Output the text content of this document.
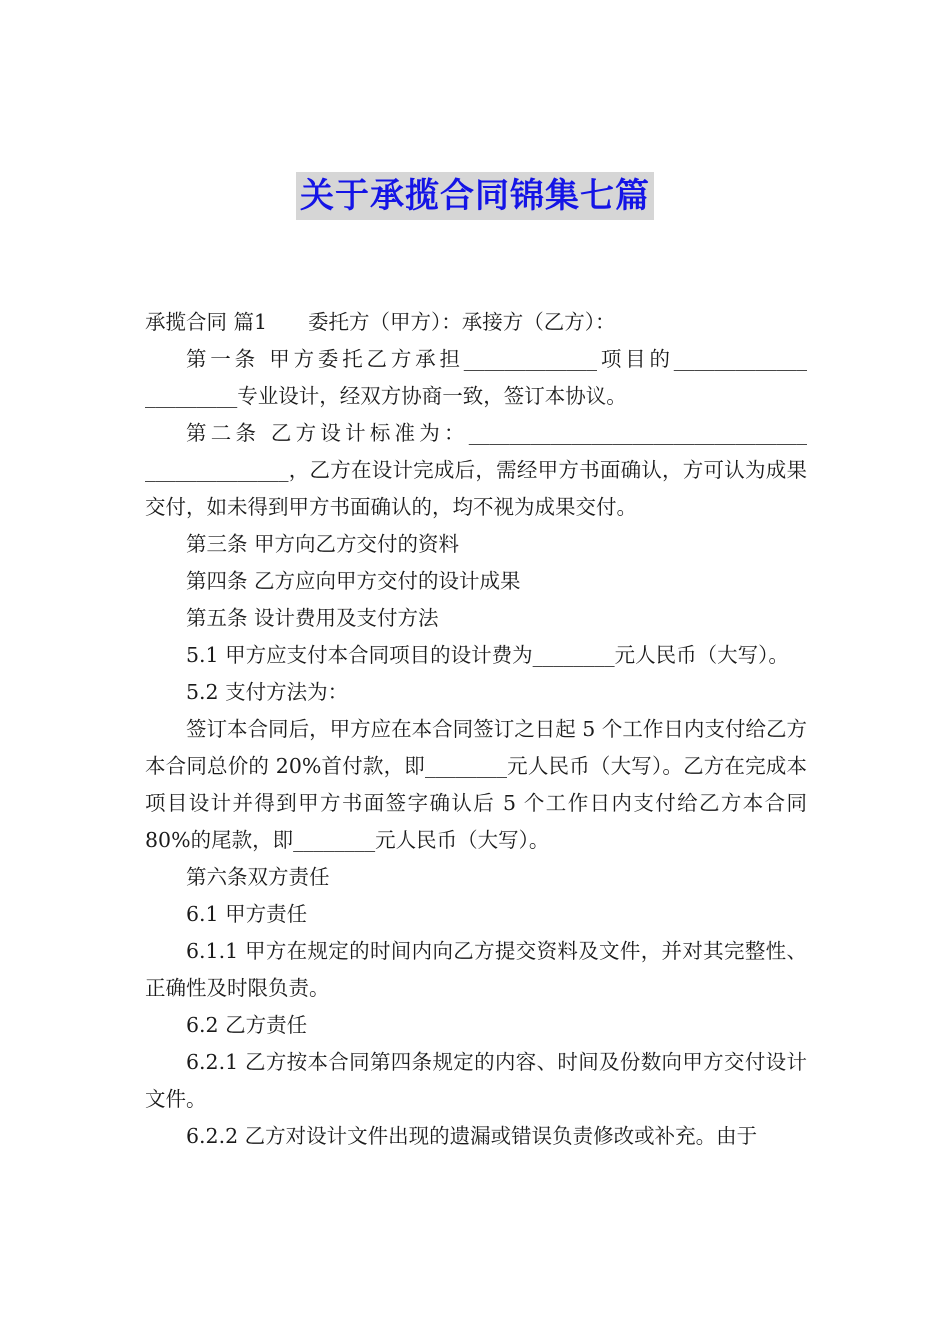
关于承揽合同锦集七篇

承揽合同 篇1　　委托方（甲方）：承接方（乙方）：

第一条 甲方委托乙方承担_____________项目的_____________

_________专业设计，经双方协商一致，签订本协议。

第二条 乙方设计标准为：_________________________________

______________，乙方在设计完成后，需经甲方书面确认，方可认为成果交付，如未得到甲方书面确认的，均不视为成果交付。

第三条 甲方向乙方交付的资料

第四条 乙方应向甲方交付的设计成果

第五条 设计费用及支付方法

5.1 甲方应支付本合同项目的设计费为________元人民币（大写）。

5.2 支付方法为：

签订本合同后，甲方应在本合同签订之日起 5 个工作日内支付给乙方本合同总价的 20%首付款，即________元人民币（大写）。乙方在完成本项目设计并得到甲方书面签字确认后 5 个工作日内支付给乙方本合同 80%的尾款，即________元人民币（大写）。

第六条双方责任

6.1 甲方责任

6.1.1 甲方在规定的时间内向乙方提交资料及文件，并对其完整性、正确性及时限负责。

6.2 乙方责任

6.2.1 乙方按本合同第四条规定的内容、时间及份数向甲方交付设计文件。

6.2.2 乙方对设计文件出现的遗漏或错误负责修改或补充。由于
